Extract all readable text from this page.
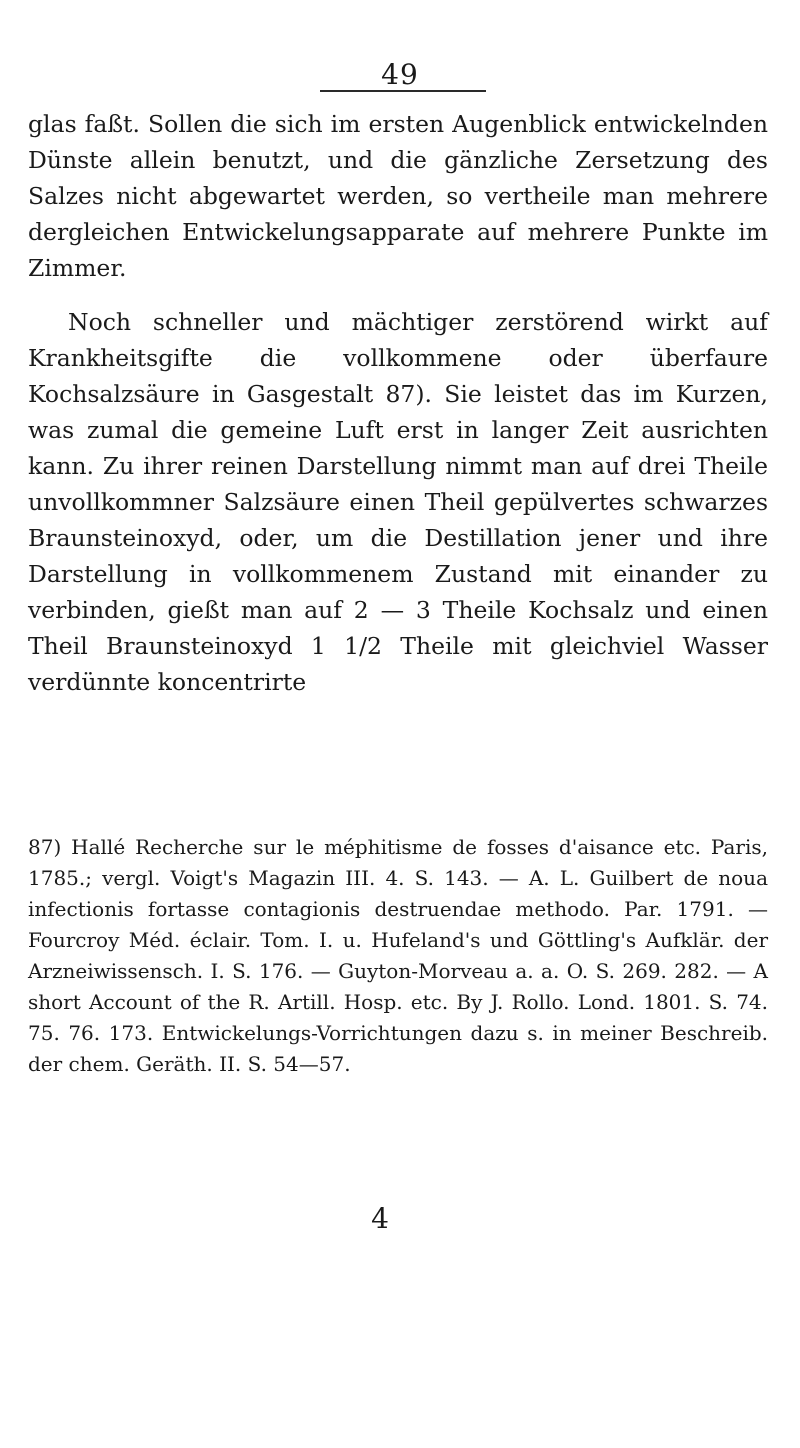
49

glas faßt. Sollen die sich im ersten Augenblick entwickelnden Dünste allein benutzt, und die gänzliche Zersetzung des Salzes nicht abgewartet werden, so vertheile man mehrere dergleichen Entwickelungsapparate auf mehrere Punkte im Zimmer.

Noch schneller und mächtiger zerstörend wirkt auf Krankheitsgifte die vollkommene oder überfaure Kochsalzsäure in Gasgestalt 87). Sie leistet das im Kurzen, was zumal die gemeine Luft erst in langer Zeit ausrichten kann. Zu ihrer reinen Darstellung nimmt man auf drei Theile unvollkommner Salzsäure einen Theil gepülvertes schwarzes Braunsteinoxyd, oder, um die Destillation jener und ihre Darstellung in vollkommenem Zustand mit einander zu verbinden, gießt man auf 2 — 3 Theile Kochsalz und einen Theil Braunsteinoxyd 1 1/2 Theile mit gleichviel Wasser verdünnte koncentrirte

87) Hallé Recherche sur le méphitisme de fosses d'aisance etc. Paris, 1785.; vergl. Voigt's Magazin III. 4. S. 143. — A. L. Guilbert de noua infectionis fortasse contagionis destruendae methodo. Par. 1791. — Fourcroy Méd. éclair. Tom. I. u. Hufeland's und Göttling's Aufklär. der Arzneiwissensch. I. S. 176. — Guyton-Morveau a. a. O. S. 269. 282. — A short Account of the R. Artill. Hosp. etc. By J. Rollo. Lond. 1801. S. 74. 75. 76. 173. Entwickelungs-Vorrichtungen dazu s. in meiner Beschreib. der chem. Geräth. II. S. 54—57.

4
